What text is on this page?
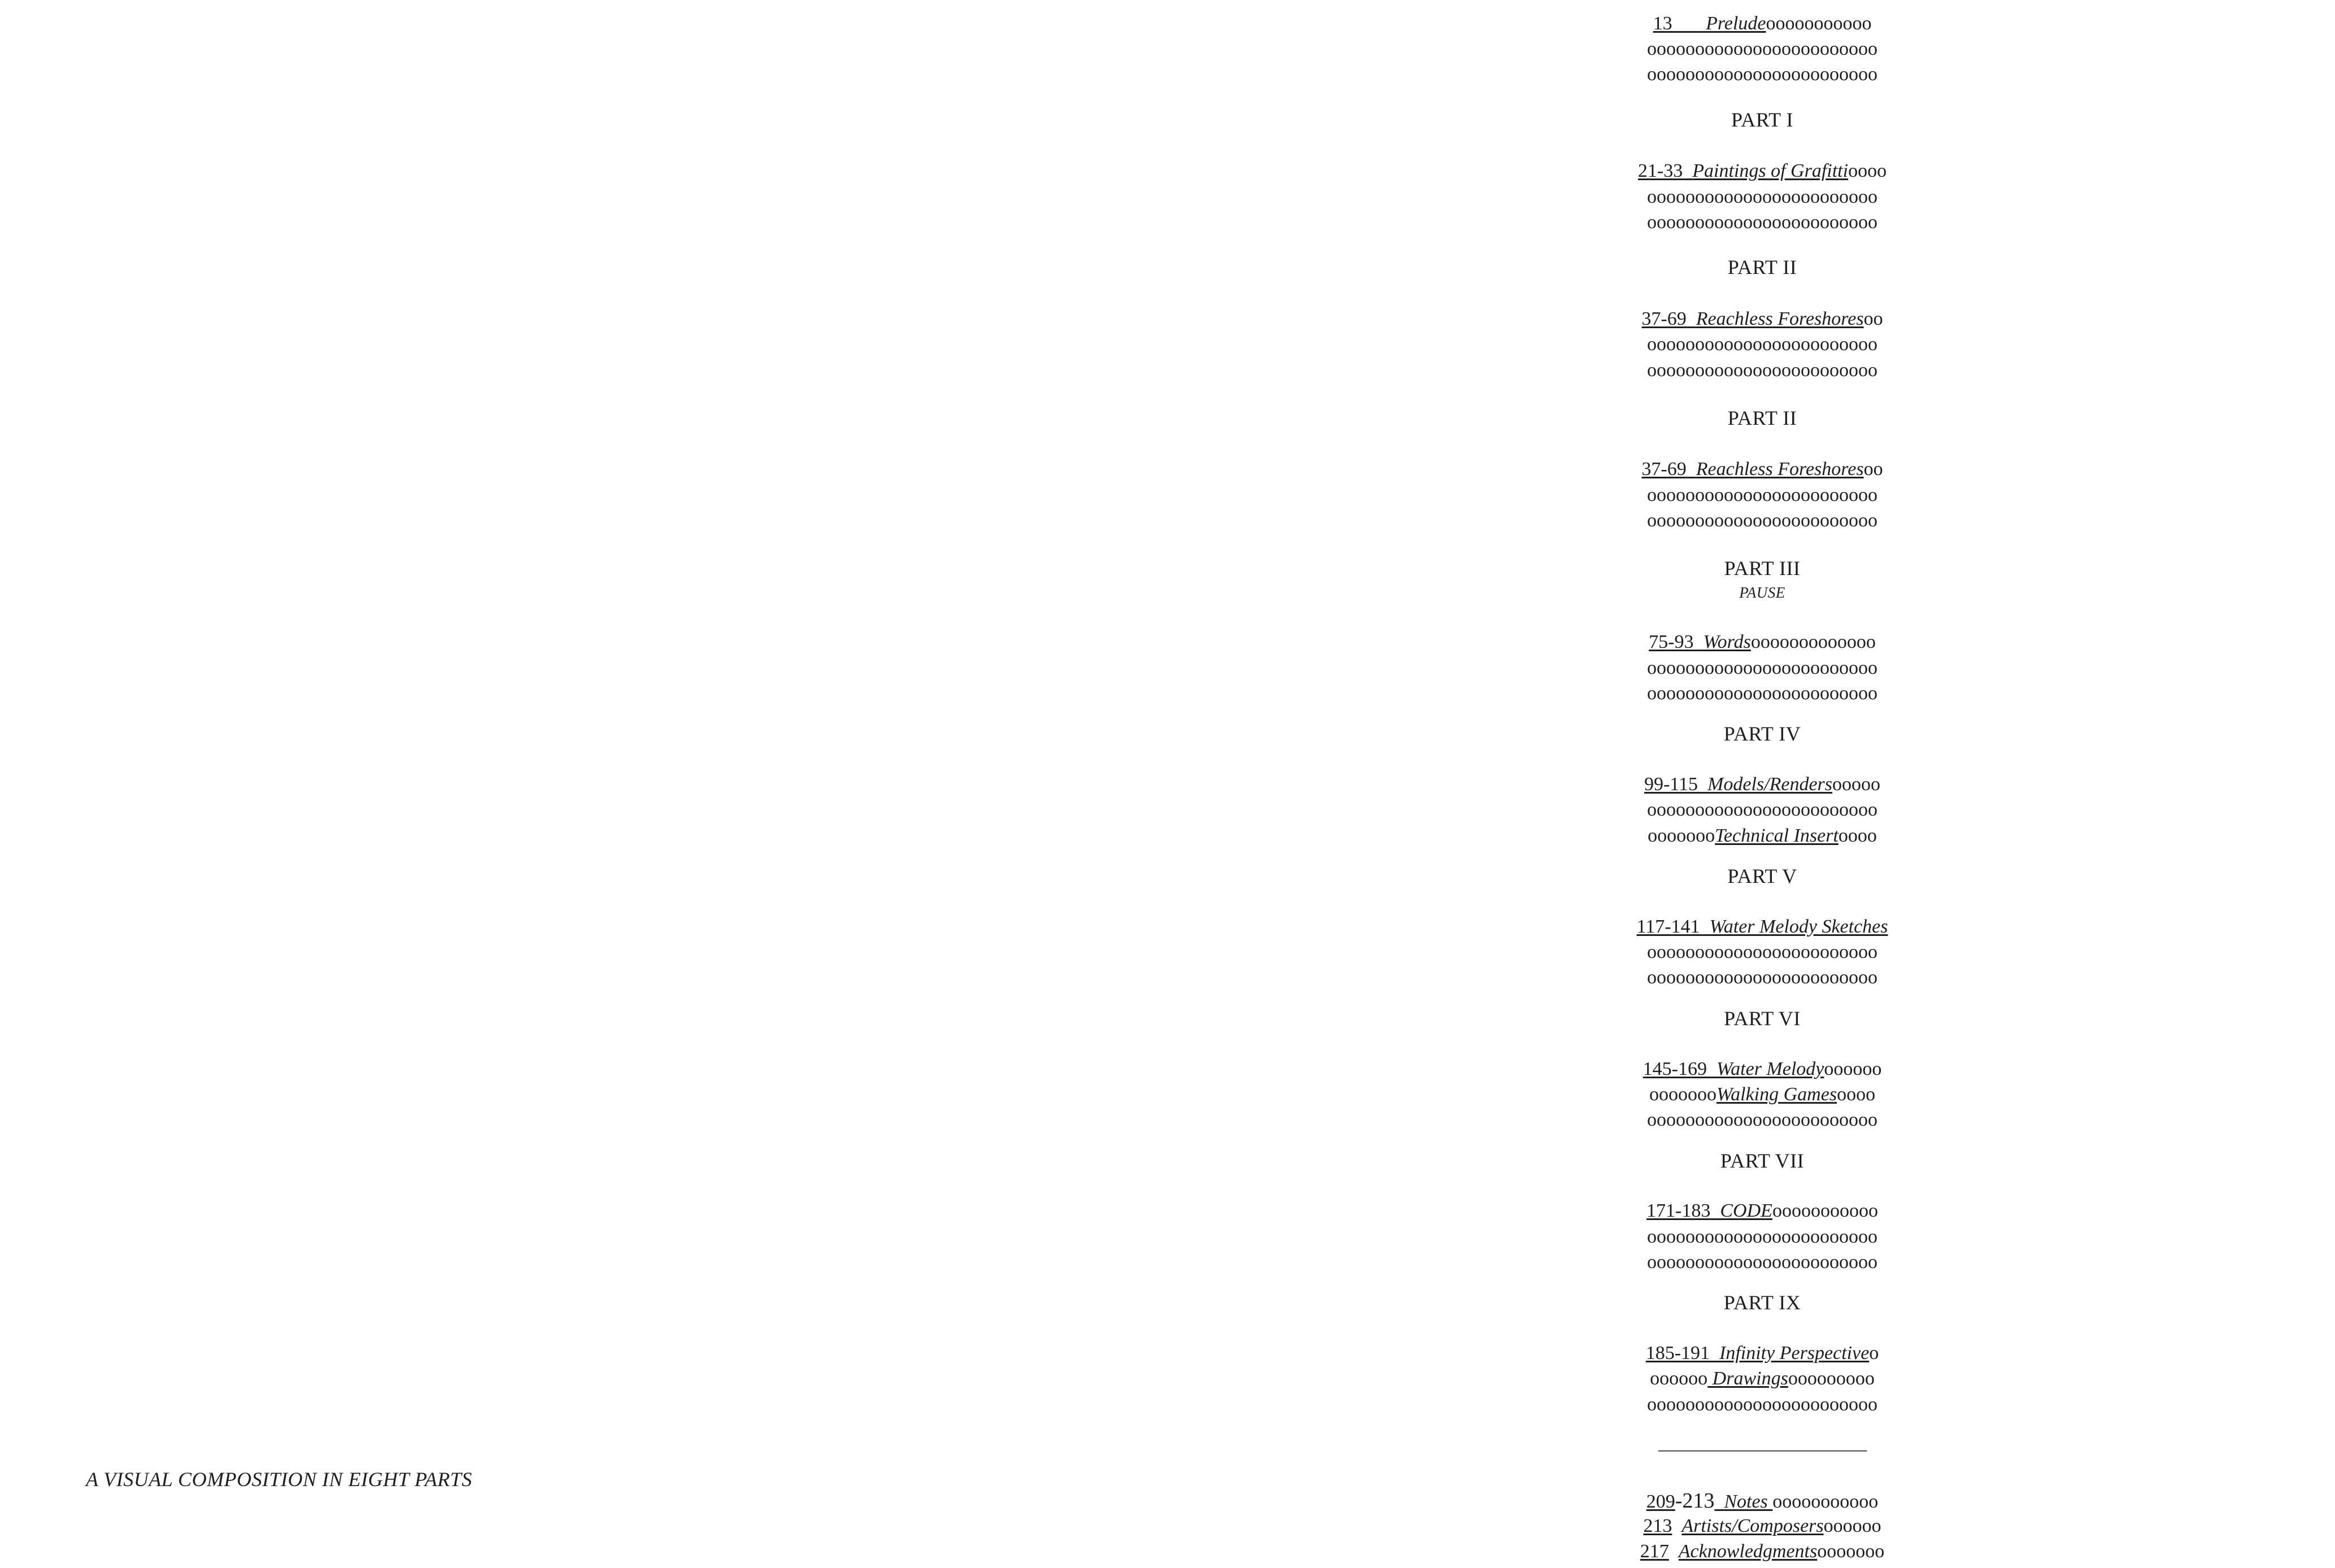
A VISUAL COMPOSITION IN EIGHT PARTS
13 Preludeooooooooooo
oooooooooooooooooooooooo
oooooooooooooooooooooooo
PART I
21-33 Paintings of Grafittioooo
oooooooooooooooooooooooo
oooooooooooooooooooooooo
PART II
37-69 Reachless Foreshoresoo
oooooooooooooooooooooooo
oooooooooooooooooooooooo
PART II
37-69 Reachless Foreshoresoo
oooooooooooooooooooooooo
oooooooooooooooooooooooo
PART III
PAUSE
75-93 Wordsooooooooooooo
oooooooooooooooooooooooo
oooooooooooooooooooooooo
PART IV
99-115 Models/Rendersooooo
oooooooooooooooooooooooo
oooooooTechnical Insertoooo
PART V
117-141 Water Melody Sketches
oooooooooooooooooooooooo
oooooooooooooooooooooooo
PART VI
145-169 Water Melodyoooooo
oooooooWalking Gamesoooo
oooooooooooooooooooooooo
PART VII
171-183 CODEooooooooooo
oooooooooooooooooooooooo
oooooooooooooooooooooooo
PART IX
185-191 Infinity Perspectiveo
oooooo Drawingsooooooooo
oooooooooooooooooooooooo
_______________________
209-213 Notes ooooooooooo
213 Artists/Composersoooooo
217 Acknowledgmentsooooooo
